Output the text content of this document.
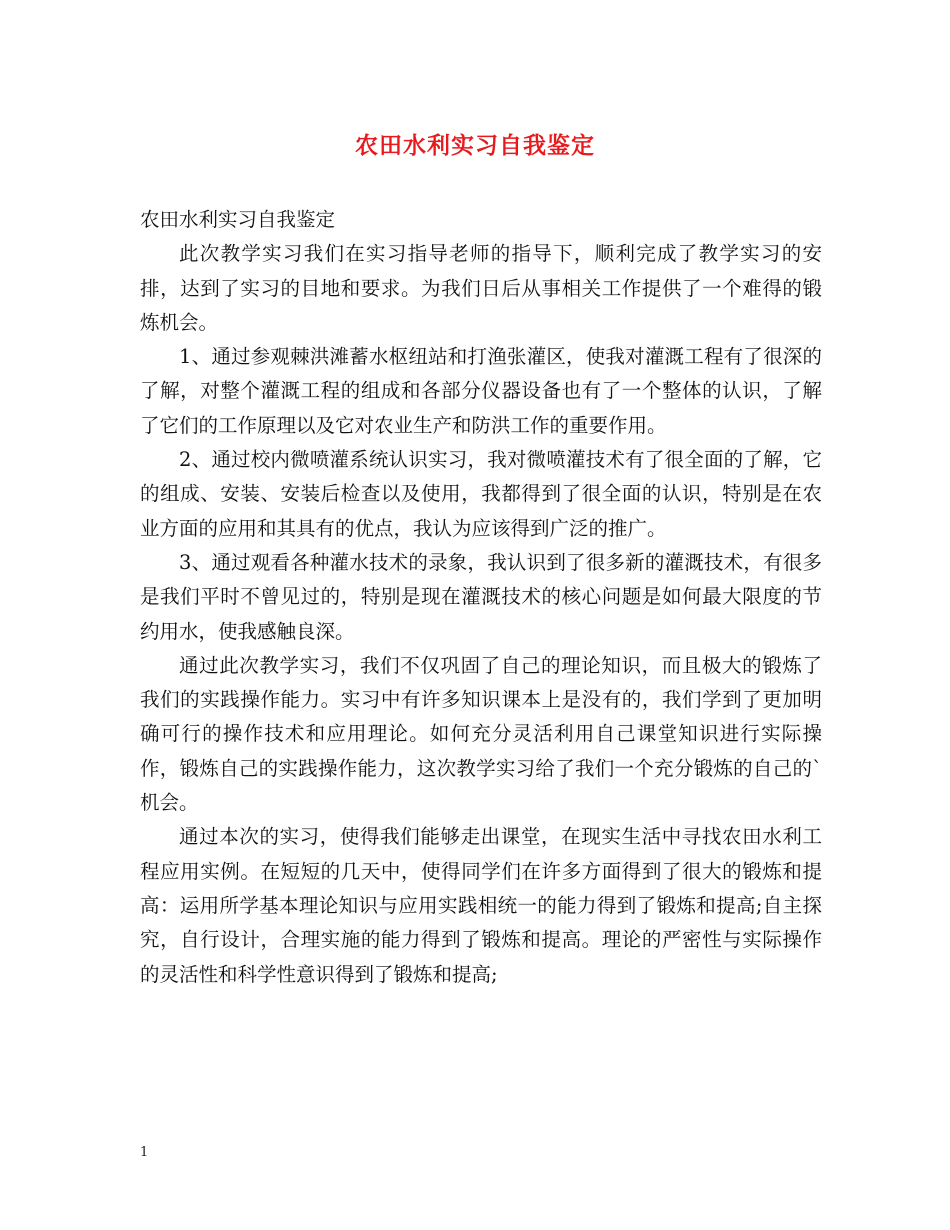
农田水利实习自我鉴定

农田水利实习自我鉴定

此次教学实习我们在实习指导老师的指导下，顺利完成了教学实习的安排，达到了实习的目地和要求。为我们日后从事相关工作提供了一个难得的锻炼机会。

1、通过参观棘洪滩蓄水枢纽站和打渔张灌区，使我对灌溉工程有了很深的了解，对整个灌溉工程的组成和各部分仪器设备也有了一个整体的认识，了解了它们的工作原理以及它对农业生产和防洪工作的重要作用。

2、通过校内微喷灌系统认识实习，我对微喷灌技术有了很全面的了解，它的组成、安装、安装后检查以及使用，我都得到了很全面的认识，特别是在农业方面的应用和其具有的优点，我认为应该得到广泛的推广。

3、通过观看各种灌水技术的录象，我认识到了很多新的灌溉技术，有很多是我们平时不曾见过的，特别是现在灌溉技术的核心问题是如何最大限度的节约用水，使我感触良深。

通过此次教学实习，我们不仅巩固了自己的理论知识，而且极大的锻炼了我们的实践操作能力。实习中有许多知识课本上是没有的，我们学到了更加明确可行的操作技术和应用理论。如何充分灵活利用自己课堂知识进行实际操作，锻炼自己的实践操作能力，这次教学实习给了我们一个充分锻炼的自己的`机会。

通过本次的实习，使得我们能够走出课堂，在现实生活中寻找农田水利工程应用实例。在短短的几天中，使得同学们在许多方面得到了很大的锻炼和提高：运用所学基本理论知识与应用实践相统一的能力得到了锻炼和提高;自主探究，自行设计，合理实施的能力得到了锻炼和提高。理论的严密性与实际操作的灵活性和科学性意识得到了锻炼和提高;

1
